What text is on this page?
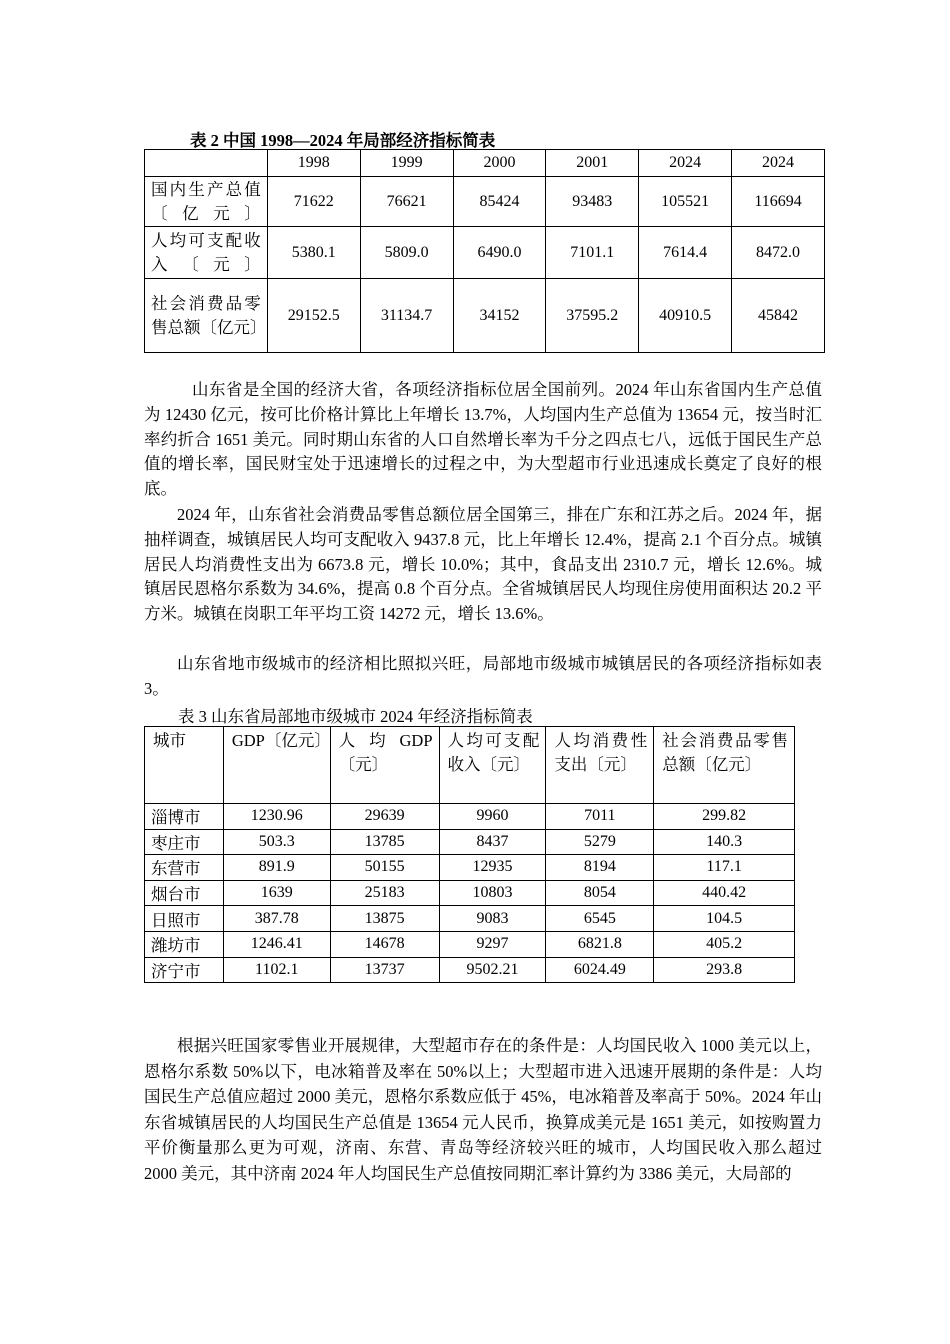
表 2 中国 1998—2024 年局部经济指标简表
	1998	1999	2000	2001	2024	2024
国内生产总值〔亿元〕	71622	76621	85424	93483	105521	116694
人均可支配收入〔元〕	5380.1	5809.0	6490.0	7101.1	7614.4	8472.0
社会消费品零售总额〔亿元〕	29152.5	31134.7	34152	37595.2	40910.5	45842
山东省是全国的经济大省，各项经济指标位居全国前列。2024 年山东省国内生产总值为 12430 亿元，按可比价格计算比上年增长 13.7%，人均国内生产总值为 13654 元，按当时汇率约折合 1651 美元。同时期山东省的人口自然增长率为千分之四点七八，远低于国民生产总值的增长率，国民财宝处于迅速增长的过程之中，为大型超市行业迅速成长奠定了良好的根底。
2024 年，山东省社会消费品零售总额位居全国第三，排在广东和江苏之后。2024 年，据抽样调查，城镇居民人均可支配收入 9437.8 元，比上年增长 12.4%，提高 2.1 个百分点。城镇居民人均消费性支出为 6673.8 元，增长 10.0%；其中，食品支出 2310.7 元，增长 12.6%。城镇居民恩格尔系数为 34.6%，提高 0.8 个百分点。全省城镇居民人均现住房使用面积达 20.2 平方米。城镇在岗职工年平均工资 14272 元，增长 13.6%。
山东省地市级城市的经济相比照拟兴旺，局部地市级城市城镇居民的各项经济指标如表 3。
表 3 山东省局部地市级城市 2024 年经济指标简表
城市	GDP〔亿元〕	人均GDP〔元〕	人均可支配收入〔元〕	人均消费性支出〔元〕	社会消费品零售总额〔亿元〕
淄博市	1230.96	29639	9960	7011	299.82
枣庄市	503.3	13785	8437	5279	140.3
东营市	891.9	50155	12935	8194	117.1
烟台市	1639	25183	10803	8054	440.42
日照市	387.78	13875	9083	6545	104.5
潍坊市	1246.41	14678	9297	6821.8	405.2
济宁市	1102.1	13737	9502.21	6024.49	293.8
根据兴旺国家零售业开展规律，大型超市存在的条件是：人均国民收入 1000 美元以上，恩格尔系数 50%以下，电冰箱普及率在 50%以上；大型超市进入迅速开展期的条件是：人均国民生产总值应超过 2000 美元，恩格尔系数应低于 45%，电冰箱普及率高于 50%。2024 年山东省城镇居民的人均国民生产总值是 13654 元人民币，换算成美元是 1651 美元，如按购置力平价衡量那么更为可观，济南、东营、青岛等经济较兴旺的城市，人均国民收入那么超过 2000 美元，其中济南 2024 年人均国民生产总值按同期汇率计算约为 3386 美元，大局部的
